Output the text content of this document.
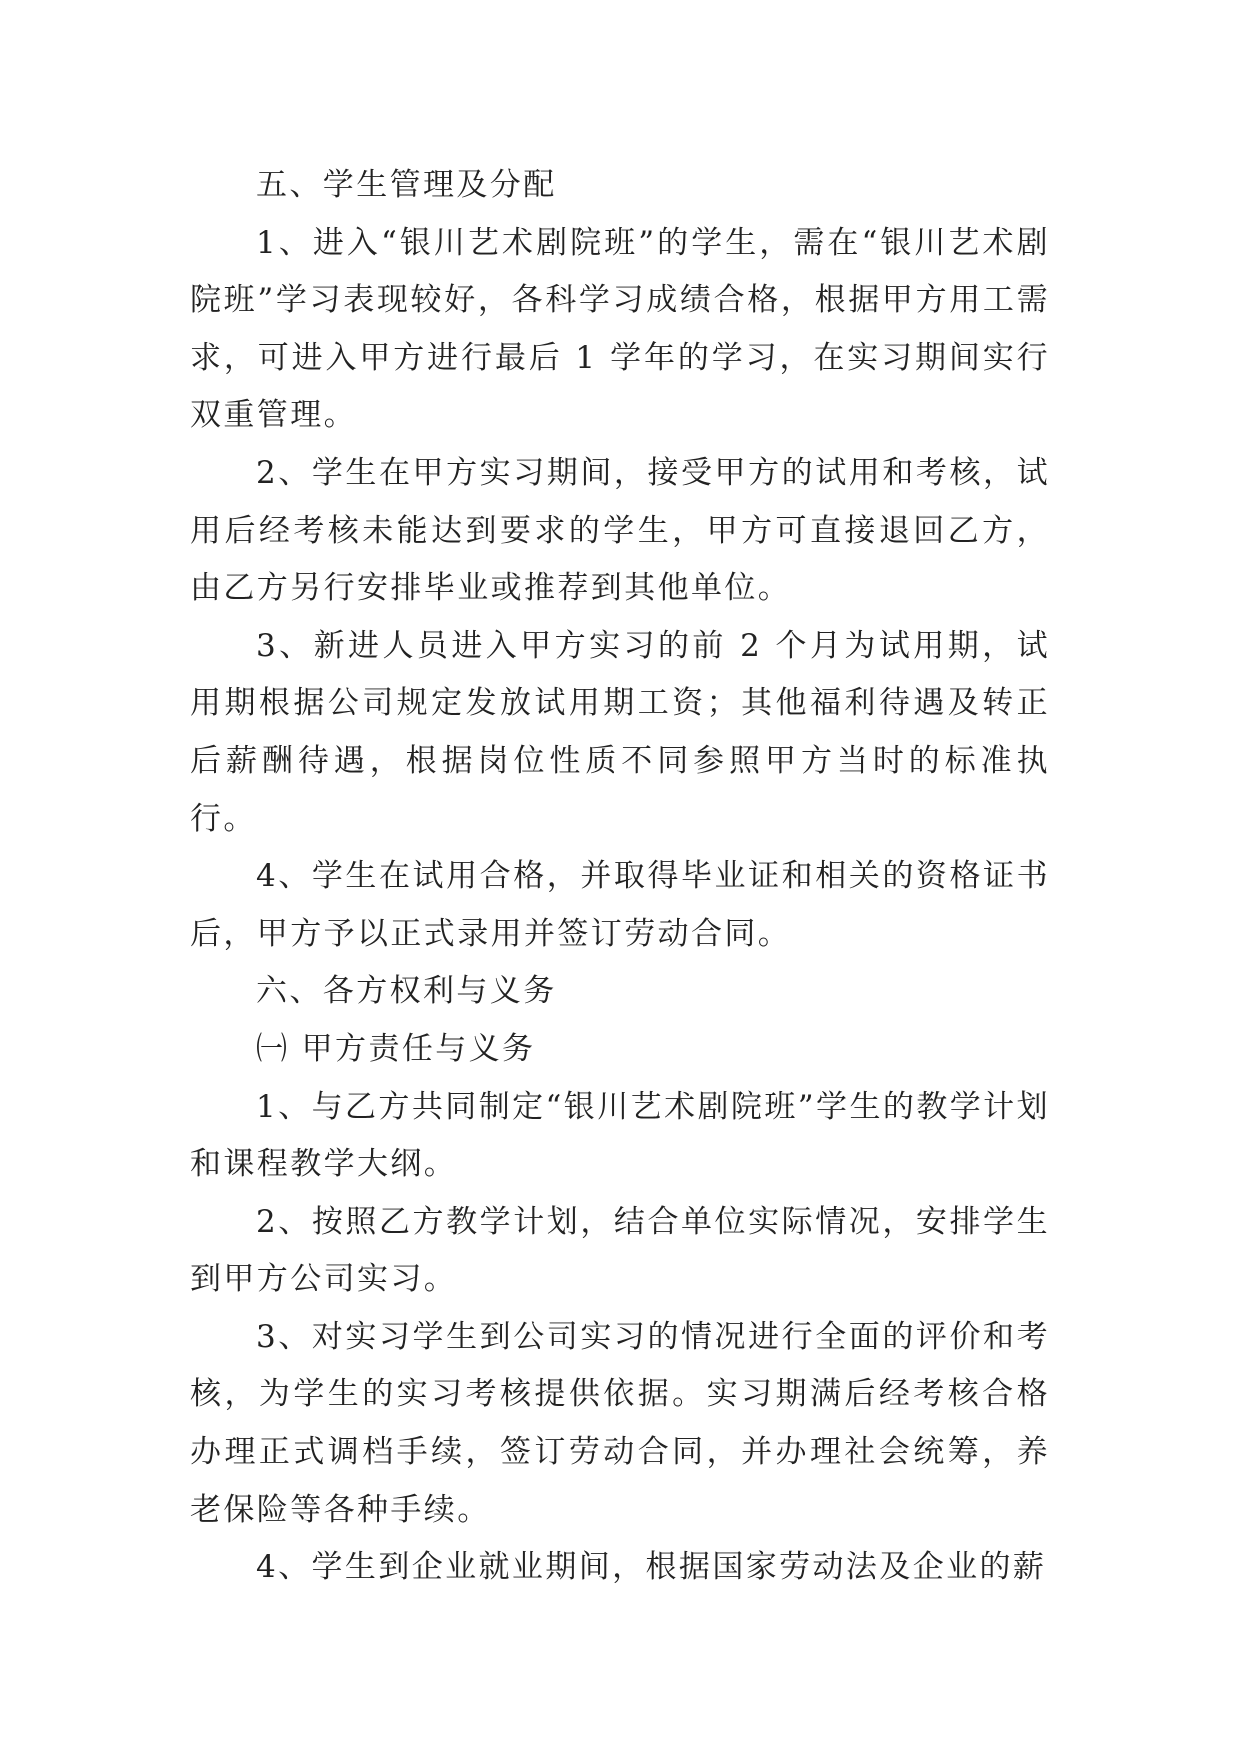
五、学生管理及分配

1、进入“银川艺术剧院班”的学生，需在“银川艺术剧院班”学习表现较好，各科学习成绩合格，根据甲方用工需求，可进入甲方进行最后 1 学年的学习，在实习期间实行双重管理。

2、学生在甲方实习期间，接受甲方的试用和考核，试用后经考核未能达到要求的学生，甲方可直接退回乙方，由乙方另行安排毕业或推荐到其他单位。

3、新进人员进入甲方实习的前 2 个月为试用期，试用期根据公司规定发放试用期工资；其他福利待遇及转正后薪酬待遇，根据岗位性质不同参照甲方当时的标准执行。

4、学生在试用合格，并取得毕业证和相关的资格证书后，甲方予以正式录用并签订劳动合同。

六、各方权利与义务

㈠ 甲方责任与义务

1、与乙方共同制定“银川艺术剧院班”学生的教学计划和课程教学大纲。

2、按照乙方教学计划，结合单位实际情况，安排学生到甲方公司实习。

3、对实习学生到公司实习的情况进行全面的评价和考核，为学生的实习考核提供依据。实习期满后经考核合格办理正式调档手续，签订劳动合同，并办理社会统筹，养老保险等各种手续。

4、学生到企业就业期间，根据国家劳动法及企业的薪
